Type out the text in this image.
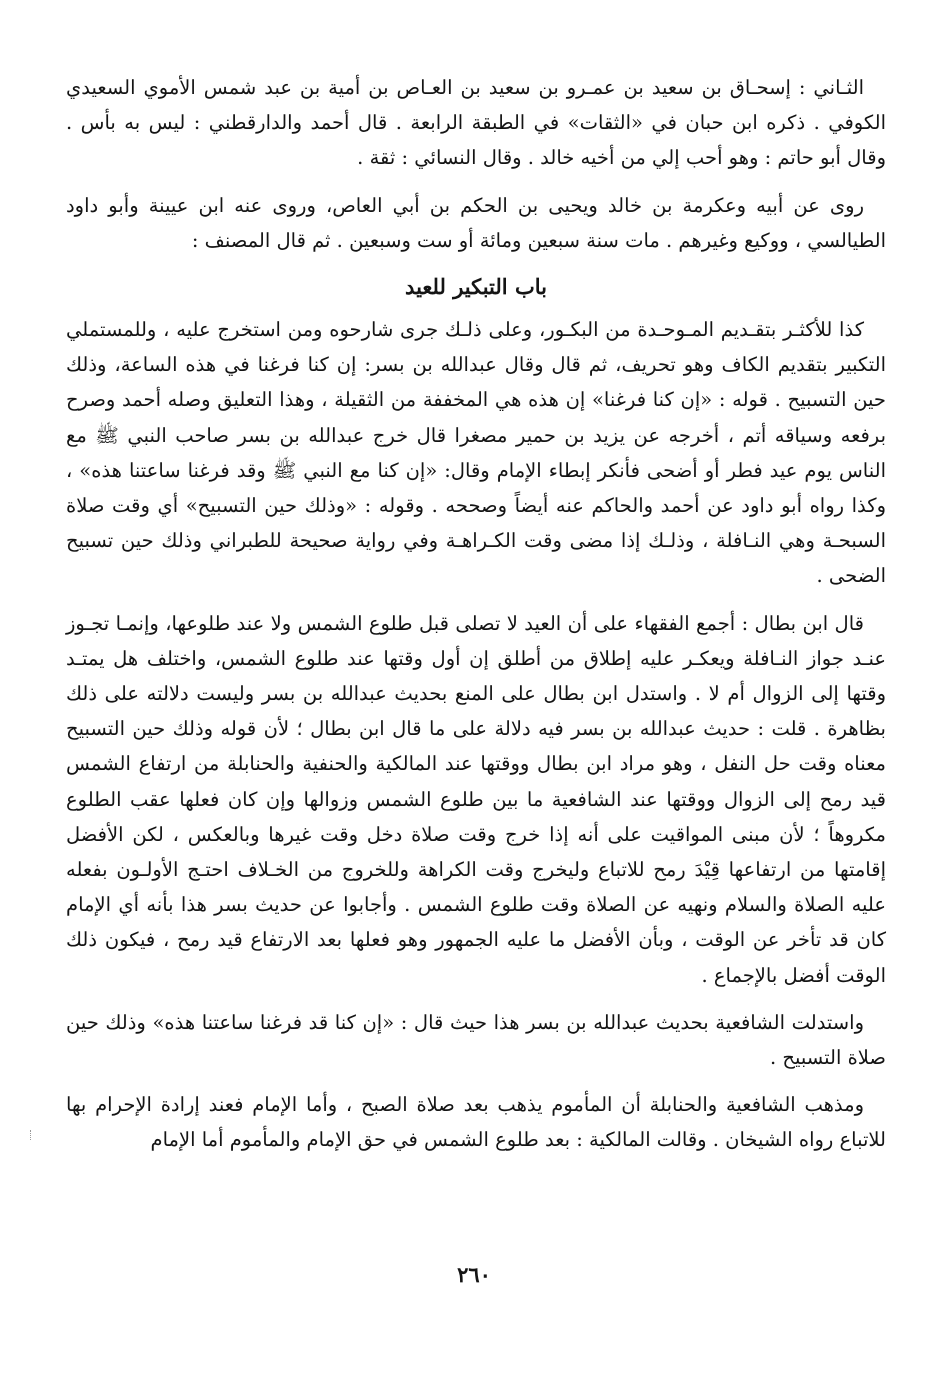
الثـاني : إسحـاق بن سعيد بن عمـرو بن سعيد بن العـاص بن أمية بن عبد شمس الأموي السعيدي الكوفي . ذكره ابن حبان في «الثقات» في الطبقة الرابعة . قال أحمد والدارقطني : ليس به بأس . وقال أبو حاتم : وهو أحب إلي من أخيه خالد . وقال النسائي : ثقة .

روى عن أبيه وعكرمة بن خالد ويحيى بن الحكم بن أبي العاص، وروى عنه ابن عيينة وأبو داود الطيالسي ، ووكيع وغيرهم . مات سنة سبعين ومائة أو ست وسبعين . ثم قال المصنف :

باب التبكير للعيد

كذا للأكثـر بتقـديم المـوحـدة من البكـور، وعلى ذلـك جرى شارحوه ومن استخرج عليه ، وللمستملي التكبير بتقديم الكاف وهو تحريف، ثم قال وقال عبدالله بن بسر: إن كنا فرغنا في هذه الساعة، وذلك حين التسبيح . قوله : «إن كنا فرغنا» إن هذه هي المخففة من الثقيلة ، وهذا التعليق وصله أحمد وصرح برفعه وسياقه أتم ، أخرجه عن يزيد بن حمير مصغرا قال خرج عبدالله بن بسر صاحب النبي ﷺ مع الناس يوم عيد فطر أو أضحى فأنكر إبطاء الإمام وقال: «إن كنا مع النبي ﷺ وقد فرغنا ساعتنا هذه» ، وكذا رواه أبو داود عن أحمد والحاكم عنه أيضاً وصححه . وقوله : «وذلك حين التسبيح» أي وقت صلاة السبحـة وهي النـافلة ، وذلـك إذا مضى وقت الكـراهـة وفي رواية صحيحة للطبراني وذلك حين تسبيح الضحى .

قال ابن بطال : أجمع الفقهاء على أن العيد لا تصلى قبل طلوع الشمس ولا عند طلوعها، وإنمـا تجـوز عنـد جواز النـافلة ويعكـر عليه إطلاق من أطلق إن أول وقتها عند طلوع الشمس، واختلف هل يمتـد وقتها إلى الزوال أم لا . واستدل ابن بطال على المنع بحديث عبدالله بن بسر وليست دلالته على ذلك بظاهرة . قلت : حديث عبدالله بن بسر فيه دلالة على ما قال ابن بطال ؛ لأن قوله وذلك حين التسبيح معناه وقت حل النفل ، وهو مراد ابن بطال ووقتها عند المالكية والحنفية والحنابلة من ارتفاع الشمس قيد رمح إلى الزوال ووقتها عند الشافعية ما بين طلوع الشمس وزوالها وإن كان فعلها عقب الطلوع مكروهاً ؛ لأن مبنى المواقيت على أنه إذا خرج وقت صلاة دخل وقت غيرها وبالعكس ، لكن الأفضل إقامتها من ارتفاعها قِيْدَ رمح للاتباع وليخرج وقت الكراهة وللخروج من الخـلاف احتـج الأولـون بفعله عليه الصلاة والسلام ونهيه عن الصلاة وقت طلوع الشمس . وأجابوا عن حديث بسر هذا بأنه أي الإمام كان قد تأخر عن الوقت ، وبأن الأفضل ما عليه الجمهور وهو فعلها بعد الارتفاع قيد رمح ، فيكون ذلك الوقت أفضل بالإجماع .

واستدلت الشافعية بحديث عبدالله بن بسر هذا حيث قال : «إن كنا قد فرغنا ساعتنا هذه» وذلك حين صلاة التسبيح .

ومذهب الشافعية والحنابلة أن المأموم يذهب بعد صلاة الصبح ، وأما الإمام فعند إرادة الإحرام بها للاتباع رواه الشيخان . وقالت المالكية : بعد طلوع الشمس في حق الإمام والمأموم أما الإمام

٢٦٠
